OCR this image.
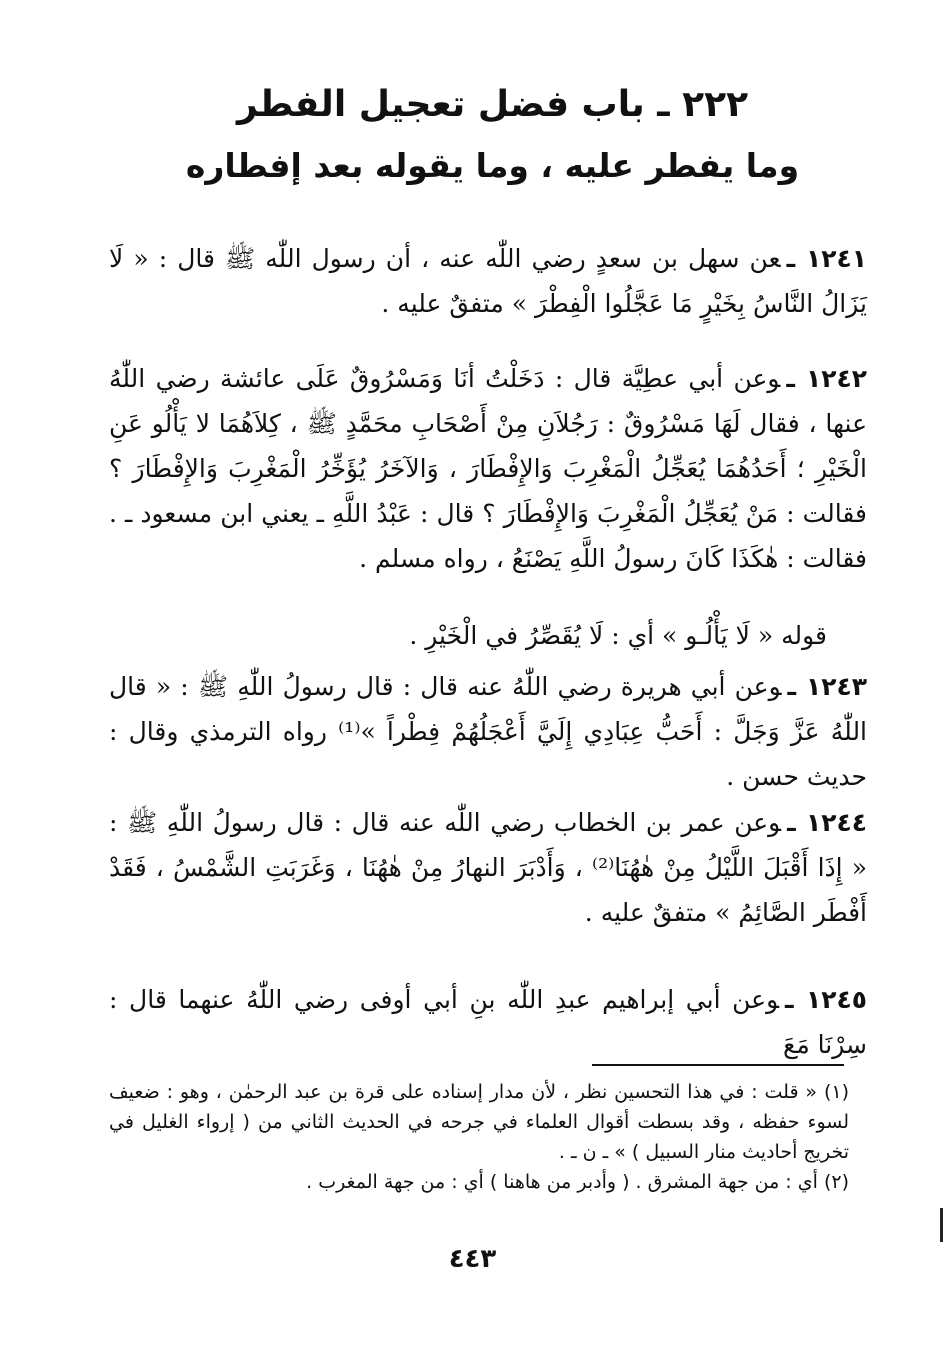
٢٢٢ ـ باب فضل تعجيل الفطر
وما يفطر عليه ، وما يقوله بعد إفطاره

١٢٤١ ـعن سهل بن سعدٍ رضي اللّٰه عنه ، أن رسول اللّٰه ﷺ قال : « لَا يَزَالُ النَّاسُ بِخَيْرٍ مَا عَجَّلُوا الْفِطْرَ » متفقٌ عليه .

١٢٤٢ ـوعن أبي عطِيَّة قال : دَخَلْتُ أنَا وَمَسْرُوقٌ عَلَى عائشة رضي اللّٰهُ عنها ، فقال لَهَا مَسْرُوقٌ : رَجُلاَنِ مِنْ أَصْحَابِ محَمَّدٍ ﷺ ، كِلاَهُمَا لا يَأْلُو عَنِ الْخَيْرِ ؛ أَحَدُهُمَا يُعَجِّلُ الْمَغْرِبَ وَالإِفْطَارَ ، وَالآخَرُ يُؤَخِّرُ الْمَغْرِبَ وَالإِفْطَارَ ؟ فقالت : مَنْ يُعَجِّلُ الْمَغْرِبَ وَالإِفْطَارَ ؟ قال : عَبْدُ اللَّهِ ـ يعني ابن مسعود ـ . فقالت : هٰكَذَا كَانَ رسولُ اللَّهِ يَصْنَعُ ، رواه مسلم .

قوله « لَا يَأْلُـو » أي : لَا يُقَصِّرُ في الْخَيْرِ .

١٢٤٣ ـوعن أبي هريرة رضي اللّٰهُ عنه قال : قال رسولُ اللّٰهِ ﷺ : « قال اللّٰهُ عَزَّ وَجَلَّ : أَحَبُّ عِبَادِي إِلَيَّ أَعْجَلُهُمْ فِطْراً »⁽¹⁾ رواه الترمذي وقال : حديث حسن .

١٢٤٤ ـوعن عمر بن الخطاب رضي اللّٰه عنه قال : قال رسولُ اللّٰهِ ﷺ : « إِذَا أَقْبَلَ اللَّيْلُ مِنْ هٰهُنَا⁽²⁾ ، وَأَدْبَرَ النهارُ مِنْ هٰهُنَا ، وَغَرَبَتِ الشَّمْسُ ، فَقَدْ أَفْطَر الصَّائِمُ » متفقٌ عليه .

١٢٤٥ ـوعن أبي إبراهيم عبدِ اللّٰه بنِ أبي أوفى رضي اللّٰهُ عنهما قال : سِرْنَا مَعَ

(١) « قلت : في هذا التحسين نظر ، لأن مدار إسناده على قرة بن عبد الرحمٰن ، وهو : ضعيف لسوء حفظه ، وقد بسطت أقوال العلماء في جرحه في الحديث الثاني من ( إرواء الغليل في تخريج أحاديث منار السبيل ) » ـ ن ـ .

(٢) أي : من جهة المشرق . ( وأدبر من هاهنا ) أي : من جهة المغرب .

٤٤٣
